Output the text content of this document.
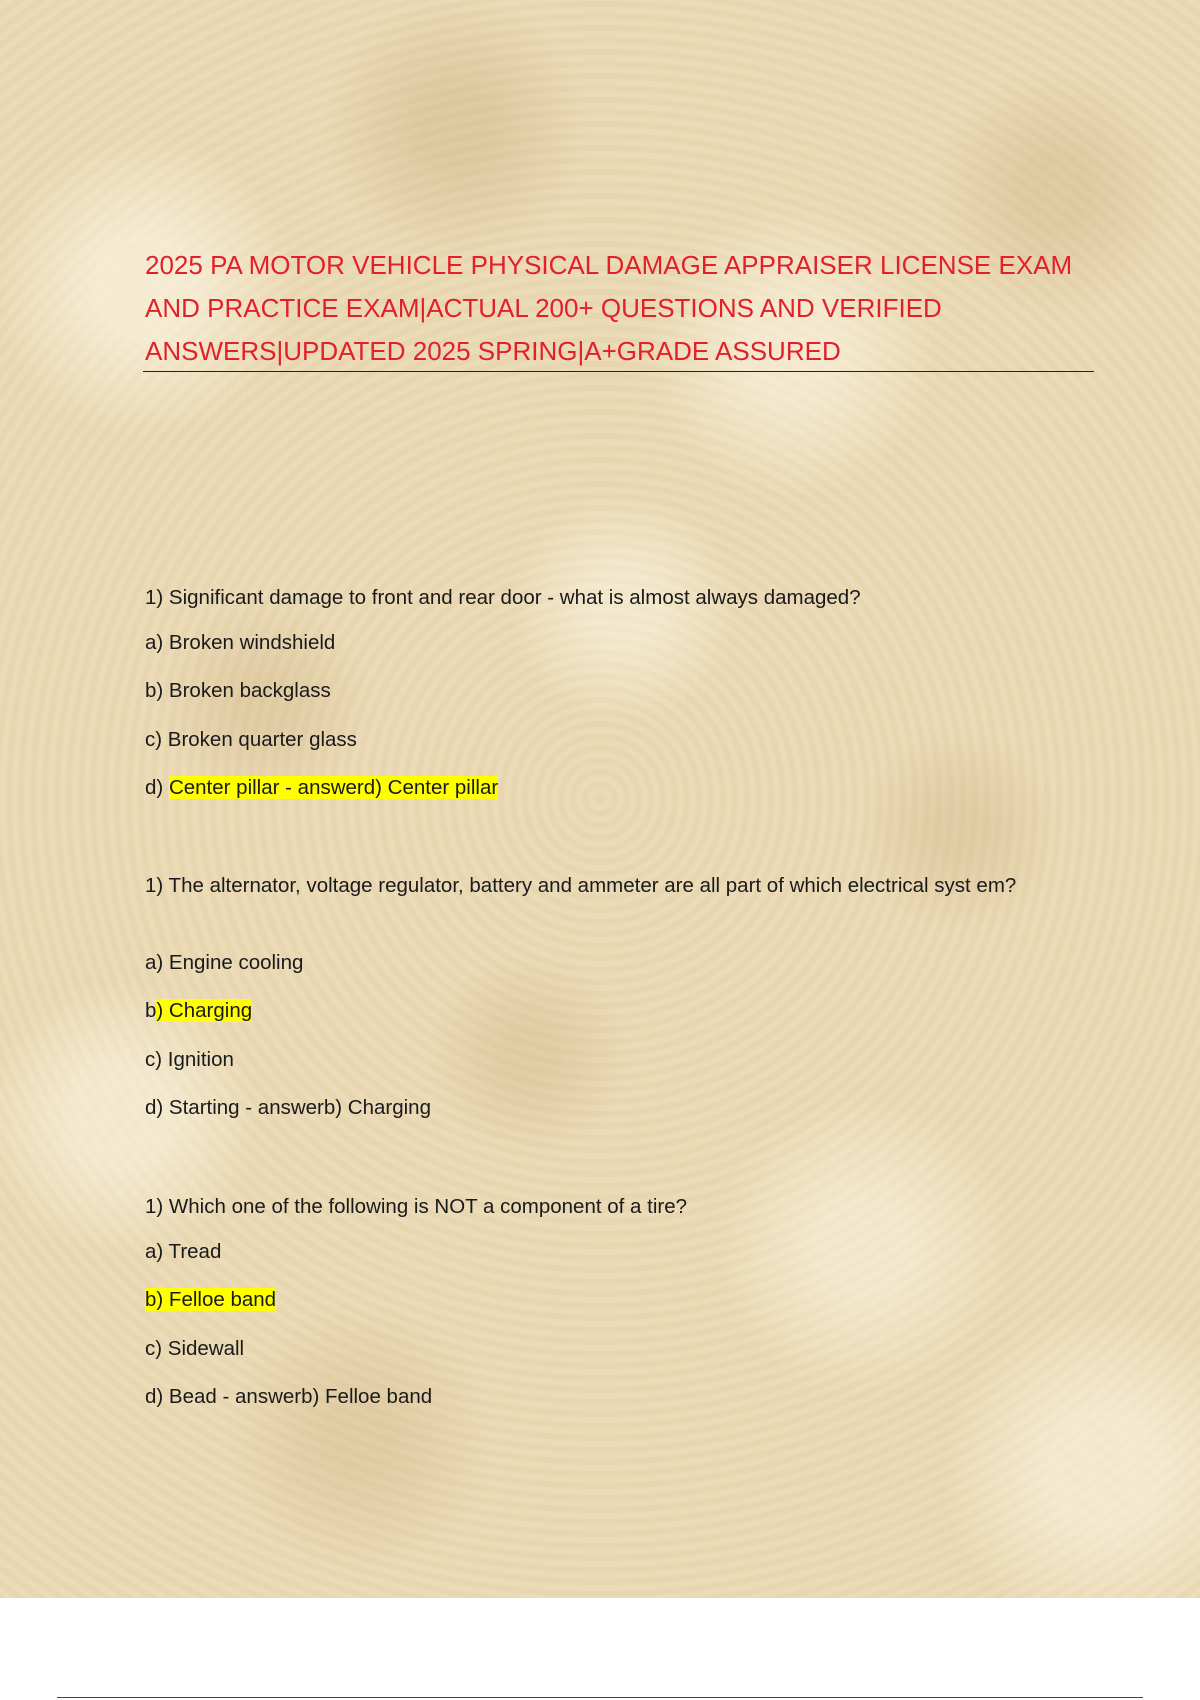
2025 PA MOTOR VEHICLE PHYSICAL DAMAGE APPRAISER LICENSE EXAM AND PRACTICE EXAM|ACTUAL 200+ QUESTIONS AND VERIFIED ANSWERS|UPDATED 2025 SPRING|A+GRADE ASSURED

1) Significant damage to front and rear door - what is almost always damaged?

a) Broken windshield

b) Broken backglass

c) Broken quarter glass

d) Center pillar - answerd) Center pillar

1) The alternator, voltage regulator, battery and ammeter are all part of which electrical syst em?

a) Engine cooling

b) Charging

c) Ignition

d) Starting - answerb) Charging

1) Which one of the following is NOT a component of a tire?

a) Tread

b) Felloe band

c) Sidewall

d) Bead - answerb) Felloe band
